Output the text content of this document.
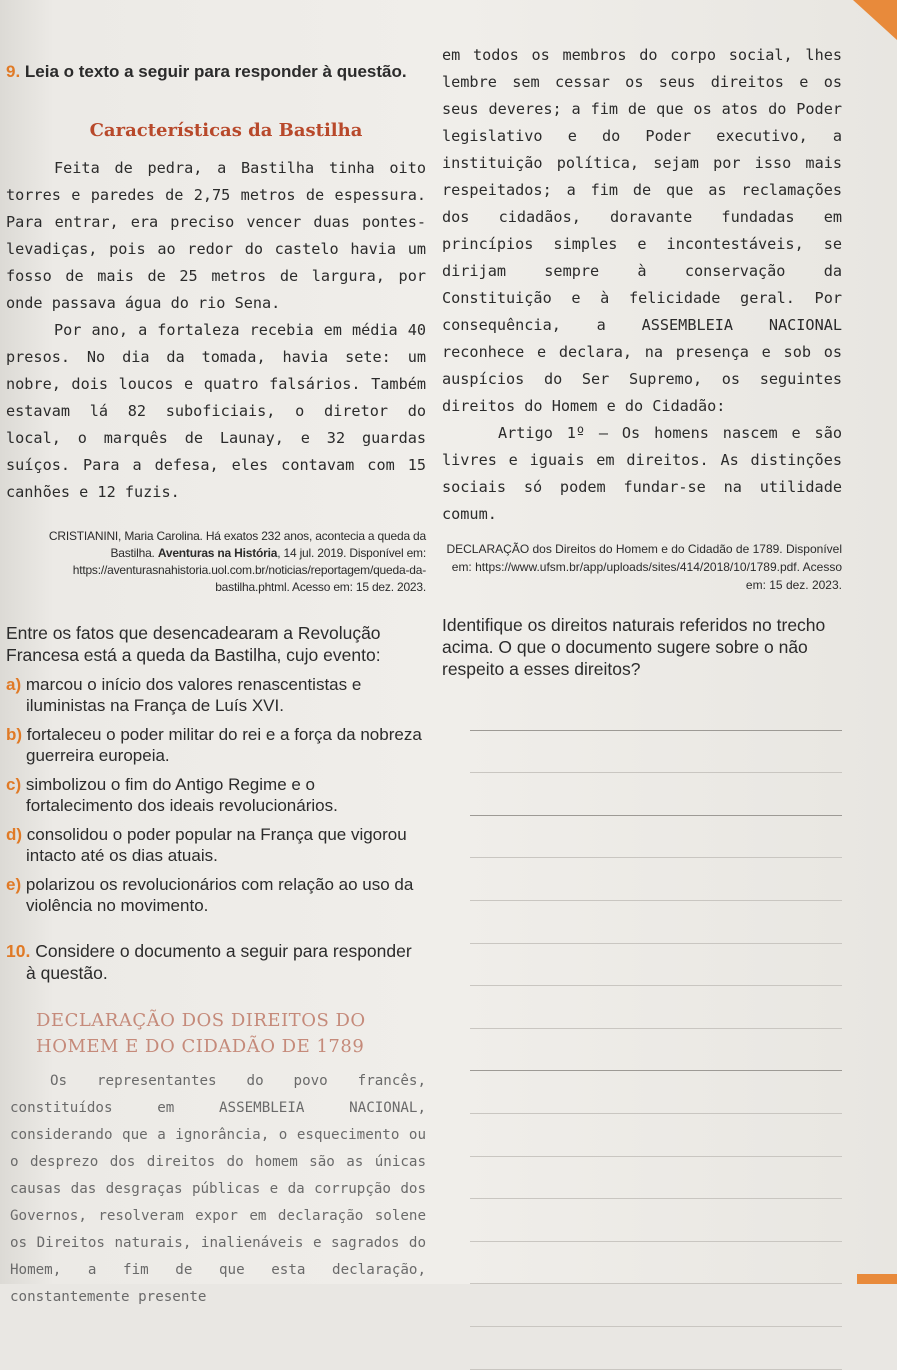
9. Leia o texto a seguir para responder à questão.

Características da Bastilha

Feita de pedra, a Bastilha tinha oito torres e paredes de 2,75 metros de espessura. Para entrar, era preciso vencer duas pontes-levadiças, pois ao redor do castelo havia um fosso de mais de 25 metros de largura, por onde passava água do rio Sena.

Por ano, a fortaleza recebia em média 40 presos. No dia da tomada, havia sete: um nobre, dois loucos e quatro falsários. Também estavam lá 82 suboficiais, o diretor do local, o marquês de Launay, e 32 guardas suíços. Para a defesa, eles contavam com 15 canhões e 12 fuzis.

CRISTIANINI, Maria Carolina. Há exatos 232 anos, acontecia a queda da Bastilha. Aventuras na História, 14 jul. 2019. Disponível em: https://aventurasnahistoria.uol.com.br/noticias/reportagem/queda-da-bastilha.phtml. Acesso em: 15 dez. 2023.

Entre os fatos que desencadearam a Revolução Francesa está a queda da Bastilha, cujo evento:

a) marcou o início dos valores renascentistas e iluministas na França de Luís XVI.

b) fortaleceu o poder militar do rei e a força da nobreza guerreira europeia.

c) simbolizou o fim do Antigo Regime e o fortalecimento dos ideais revolucionários.

d) consolidou o poder popular na França que vigorou intacto até os dias atuais.

e) polarizou os revolucionários com relação ao uso da violência no movimento.

10. Considere o documento a seguir para responder à questão.

DECLARAÇÃO DOS DIREITOS DO HOMEM E DO CIDADÃO DE 1789

Os representantes do povo francês, constituídos em ASSEMBLEIA NACIONAL, considerando que a ignorância, o esquecimento ou o desprezo dos direitos do homem são as únicas causas das desgraças públicas e da corrupção dos Governos, resolveram expor em declaração solene os Direitos naturais, inalienáveis e sagrados do Homem, a fim de que esta declaração, constantemente presente

em todos os membros do corpo social, lhes lembre sem cessar os seus direitos e os seus deveres; a fim de que os atos do Poder legislativo e do Poder executivo, a instituição política, sejam por isso mais respeitados; a fim de que as reclamações dos cidadãos, doravante fundadas em princípios simples e incontestáveis, se dirijam sempre à conservação da Constituição e à felicidade geral. Por consequência, a ASSEMBLEIA NACIONAL reconhece e declara, na presença e sob os auspícios do Ser Supremo, os seguintes direitos do Homem e do Cidadão:

Artigo 1º – Os homens nascem e são livres e iguais em direitos. As distinções sociais só podem fundar-se na utilidade comum.

DECLARAÇÃO dos Direitos do Homem e do Cidadão de 1789. Disponível em: https://www.ufsm.br/app/uploads/sites/414/2018/10/1789.pdf. Acesso em: 15 dez. 2023.

Identifique os direitos naturais referidos no trecho acima. O que o documento sugere sobre o não respeito a esses direitos?
